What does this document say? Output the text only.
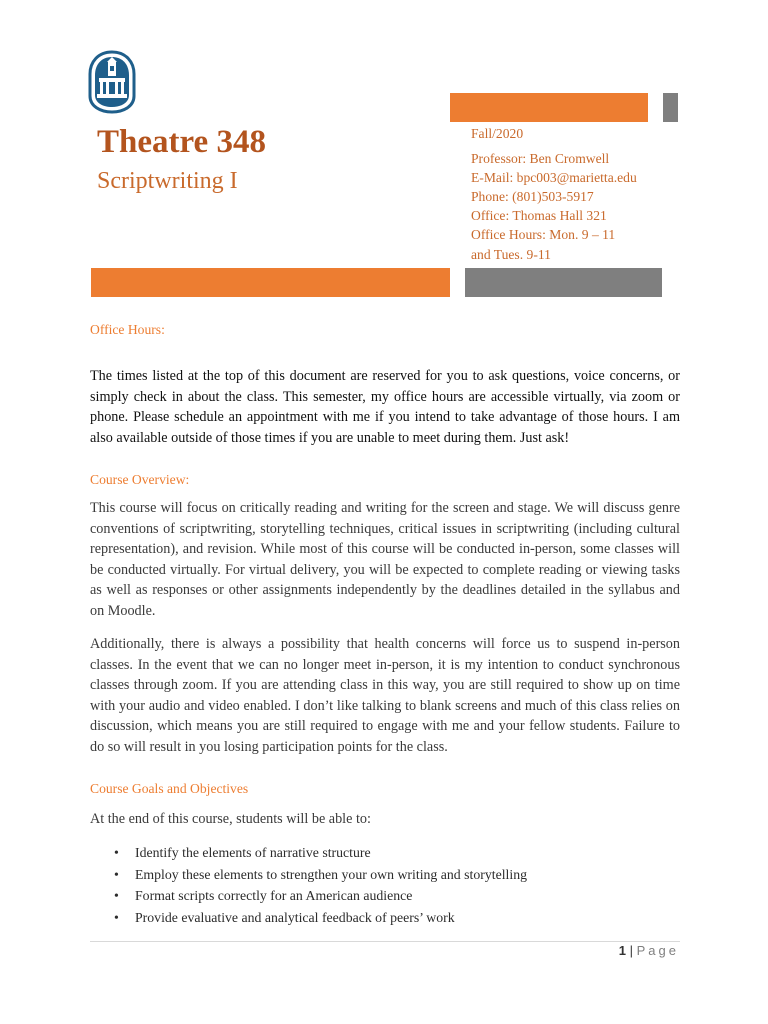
Theatre 348
Scriptwriting I
Fall/2020
Professor: Ben Cromwell
E-Mail: bpc003@marietta.edu
Phone: (801)503-5917
Office: Thomas Hall 321
Office Hours: Mon. 9 – 11
and Tues. 9-11
Office Hours:
The times listed at the top of this document are reserved for you to ask questions, voice concerns, or simply check in about the class. This semester, my office hours are accessible virtually, via zoom or phone. Please schedule an appointment with me if you intend to take advantage of those hours. I am also available outside of those times if you are unable to meet during them. Just ask!
Course Overview:
This course will focus on critically reading and writing for the screen and stage. We will discuss genre conventions of scriptwriting, storytelling techniques, critical issues in scriptwriting (including cultural representation), and revision. While most of this course will be conducted in-person, some classes will be conducted virtually. For virtual delivery, you will be expected to complete reading or viewing tasks as well as responses or other assignments independently by the deadlines detailed in the syllabus and on Moodle.
Additionally, there is always a possibility that health concerns will force us to suspend in-person classes. In the event that we can no longer meet in-person, it is my intention to conduct synchronous classes through zoom. If you are attending class in this way, you are still required to show up on time with your audio and video enabled. I don’t like talking to blank screens and much of this class relies on discussion, which means you are still required to engage with me and your fellow students. Failure to do so will result in you losing participation points for the class.
Course Goals and Objectives
At the end of this course, students will be able to:
• Identify the elements of narrative structure
• Employ these elements to strengthen your own writing and storytelling
• Format scripts correctly for an American audience
• Provide evaluative and analytical feedback of peers’ work
1 | Page
